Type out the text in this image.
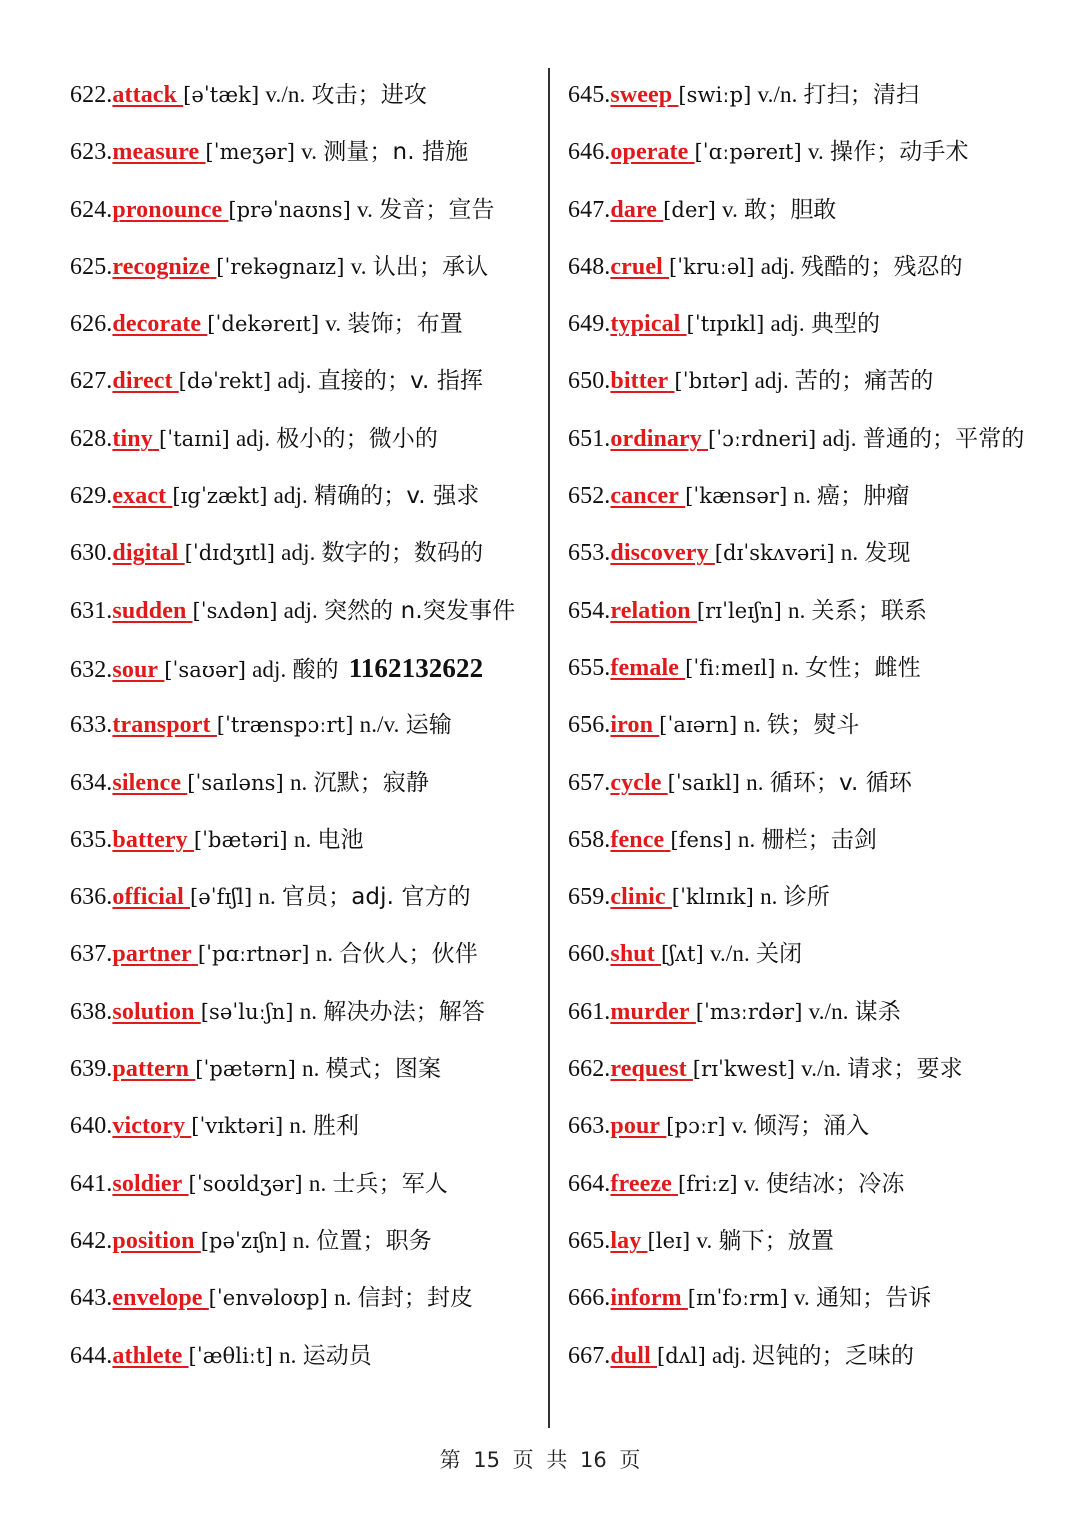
622.attack [əˈtæk] v./n. 攻击；进攻
623.measure [ˈmeʒər] v. 测量；n. 措施
624.pronounce [prəˈnaʊns] v. 发音；宣告
625.recognize [ˈrekəgnaɪz] v. 认出；承认
626.decorate [ˈdekəreɪt] v. 装饰；布置
627.direct [dəˈrekt] adj. 直接的；v. 指挥
628.tiny [ˈtaɪni] adj. 极小的；微小的
629.exact [ɪgˈzækt] adj. 精确的；v. 强求
630.digital [ˈdɪdʒɪtl] adj. 数字的；数码的
631.sudden [ˈsʌdən] adj. 突然的 n.突发事件
632.sour [ˈsaʊər] adj. 酸的 1162132622
633.transport [ˈtrænspɔːrt] n./v. 运输
634.silence [ˈsaɪləns] n. 沉默；寂静
635.battery [ˈbætəri] n. 电池
636.official [əˈfɪʃl] n. 官员；adj. 官方的
637.partner [ˈpɑːrtnər] n. 合伙人；伙伴
638.solution [səˈluːʃn] n. 解决办法；解答
639.pattern [ˈpætərn] n. 模式；图案
640.victory [ˈvɪktəri] n. 胜利
641.soldier [ˈsoʊldʒər] n. 士兵；军人
642.position [pəˈzɪʃn] n. 位置；职务
643.envelope [ˈenvəloʊp] n. 信封；封皮
644.athlete [ˈæθliːt] n. 运动员
645.sweep [swiːp] v./n. 打扫；清扫
646.operate [ˈɑːpəreɪt] v. 操作；动手术
647.dare [der] v. 敢；胆敢
648.cruel [ˈkruːəl] adj. 残酷的；残忍的
649.typical [ˈtɪpɪkl] adj. 典型的
650.bitter [ˈbɪtər] adj. 苦的；痛苦的
651.ordinary [ˈɔːrdneri] adj. 普通的；平常的
652.cancer [ˈkænsər] n. 癌；肿瘤
653.discovery [dɪˈskʌvəri] n. 发现
654.relation [rɪˈleɪʃn] n. 关系；联系
655.female [ˈfiːmeɪl] n. 女性；雌性
656.iron [ˈaɪərn] n. 铁；熨斗
657.cycle [ˈsaɪkl] n. 循环；v. 循环
658.fence [fens] n. 栅栏；击剑
659.clinic [ˈklɪnɪk] n. 诊所
660.shut [ʃʌt] v./n. 关闭
661.murder [ˈmɜːrdər] v./n. 谋杀
662.request [rɪˈkwest] v./n. 请求；要求
663.pour [pɔːr] v. 倾泻；涌入
664.freeze [friːz] v. 使结冰；冷冻
665.lay [leɪ] v. 躺下；放置
666.inform [ɪnˈfɔːrm] v. 通知；告诉
667.dull [dʌl] adj. 迟钝的；乏味的
第 15 页 共 16 页
